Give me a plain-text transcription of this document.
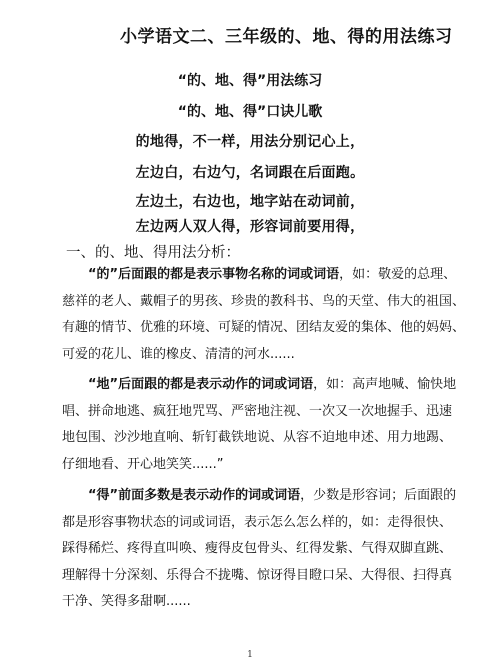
小学语文二、三年级的、地、得的用法练习
“的、地、得”用法练习
“的、地、得”口诀儿歌
的地得，不一样，用法分别记心上，
左边白，右边勺，名词跟在后面跑。
左边土，右边也，地字站在动词前，
左边两人双人得，形容词前要用得，
一、的、地、得用法分析：
“的”后面跟的都是表示事物名称的词或词语，如：敬爱的总理、
慈祥的老人、戴帽子的男孩、珍贵的教科书、鸟的天堂、伟大的祖国、
有趣的情节、优雅的环境、可疑的情况、团结友爱的集体、他的妈妈、
可爱的花儿、谁的橡皮、清清的河水......
“地”后面跟的都是表示动作的词或词语，如：高声地喊、愉快地
唱、拼命地逃、疯狂地咒骂、严密地注视、一次又一次地握手、迅速
地包围、沙沙地直响、斩钉截铁地说、从容不迫地申述、用力地踢、
仔细地看、开心地笑笑......”
“得”前面多数是表示动作的词或词语，少数是形容词；后面跟的
都是形容事物状态的词或词语，表示怎么怎么样的，如：走得很快、
踩得稀烂、疼得直叫唤、瘦得皮包骨头、红得发紫、气得双脚直跳、
理解得十分深刻、乐得合不拢嘴、惊讶得目瞪口呆、大得很、扫得真
干净、笑得多甜啊......
1
